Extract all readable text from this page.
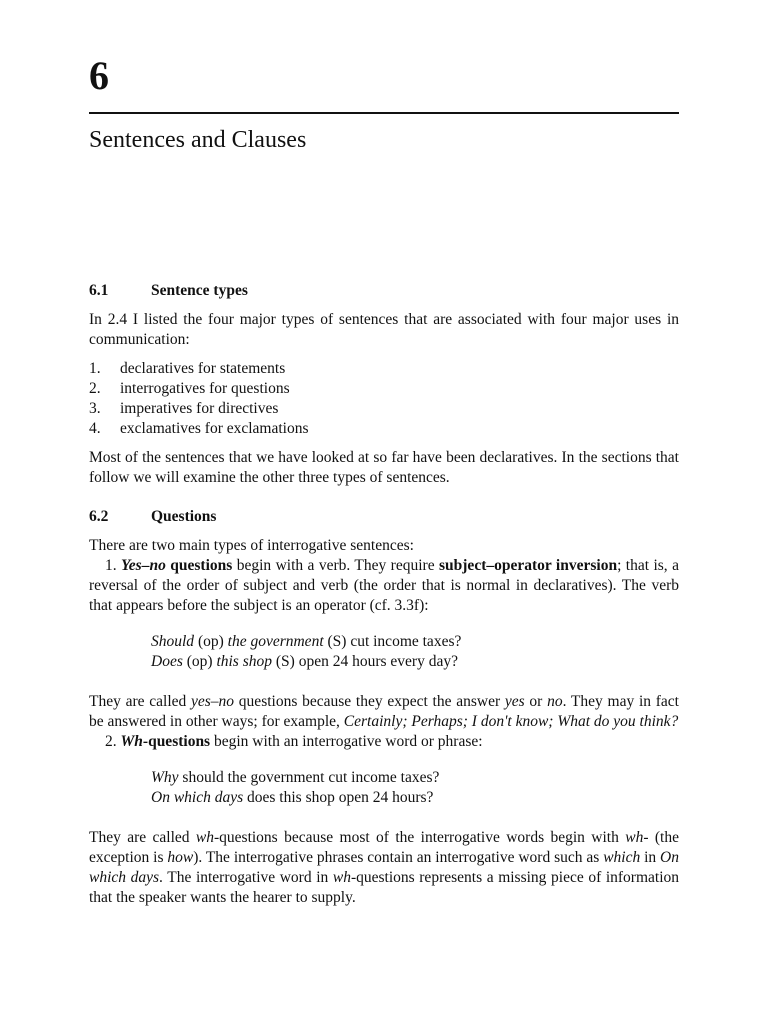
6
Sentences and Clauses
6.1	Sentence types

In 2.4 I listed the four major types of sentences that are associated with four major uses in communication:

1.	declaratives for statements
2.	interrogatives for questions
3.	imperatives for directives
4.	exclamatives for exclamations

Most of the sentences that we have looked at so far have been declaratives. In the sections that follow we will examine the other three types of sentences.

6.2	Questions
There are two main types of interrogative sentences:

1. Yes–no questions begin with a verb. They require subject–operator inversion; that is, a reversal of the order of subject and verb (the order that is normal in declaratives). The verb that appears before the subject is an operator (cf. 3.3f):

Should (op) the government (S) cut income taxes?
Does (op) this shop (S) open 24 hours every day?

They are called yes–no questions because they expect the answer yes or no. They may in fact be answered in other ways; for example, Certainly; Perhaps; I don't know; What do you think?

2. Wh-questions begin with an interrogative word or phrase:

Why should the government cut income taxes?
On which days does this shop open 24 hours?

They are called wh-questions because most of the interrogative words begin with wh- (the exception is how). The interrogative phrases contain an interrogative word such as which in On which days. The interrogative word in wh-questions represents a missing piece of information that the speaker wants the hearer to supply.
